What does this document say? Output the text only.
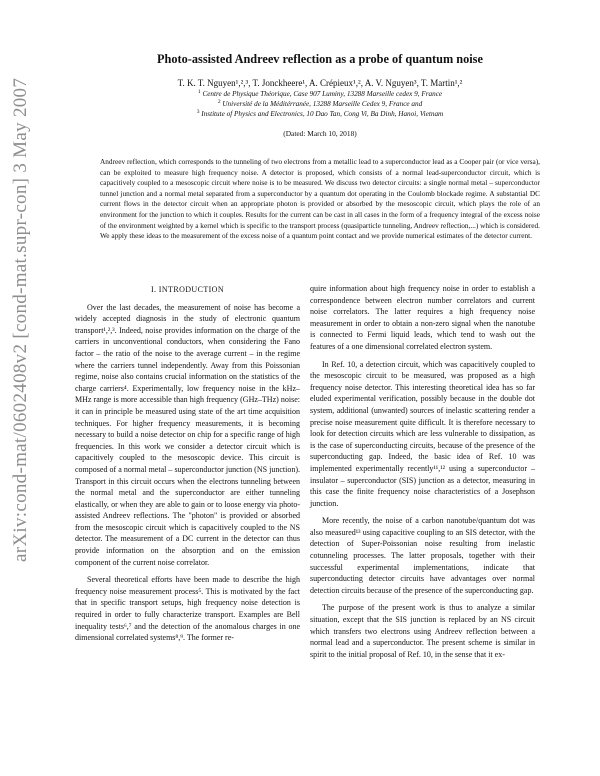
arXiv:cond-mat/0602408v2 [cond-mat.supr-con] 3 May 2007
Photo-assisted Andreev reflection as a probe of quantum noise
T. K. T. Nguyen¹,²,³, T. Jonckheere¹, A. Crépieux¹,², A. V. Nguyen³, T. Martin¹,²
$^1$ Centre de Physique Théorique, Case 907 Luminy, 13288 Marseille cedex 9, France
$^2$ Université de la Méditérranée, 13288 Marseille Cedex 9, France and
$^3$ Institute of Physics and Electronics, 10 Dao Tan, Cong Vi, Ba Dinh, Hanoi, Vietnam
(Dated: March 10, 2018)
Andreev reflection, which corresponds to the tunneling of two electrons from a metallic lead to a superconductor lead as a Cooper pair (or vice versa), can be exploited to measure high frequency noise. A detector is proposed, which consists of a normal lead-superconductor circuit, which is capacitively coupled to a mesoscopic circuit where noise is to be measured. We discuss two detector circuits: a single normal metal – superconductor tunnel junction and a normal metal separated from a superconductor by a quantum dot operating in the Coulomb blockade regime. A substantial DC current flows in the detector circuit when an appropriate photon is provided or absorbed by the mesoscopic circuit, which plays the role of an environment for the junction to which it couples. Results for the current can be cast in all cases in the form of a frequency integral of the excess noise of the environment weighted by a kernel which is specific to the transport process (quasiparticle tunneling, Andreev reflection,...) which is considered. We apply these ideas to the measurement of the excess noise of a quantum point contact and we provide numerical estimates of the detector current.

I. INTRODUCTION

Over the last decades, the measurement of noise has become a widely accepted diagnosis in the study of electronic quantum transport¹,²,³. Indeed, noise provides information on the charge of the carriers in unconventional conductors, when considering the Fano factor – the ratio of the noise to the average current – in the regime where the carriers tunnel independently. Away from this Poissonian regime, noise also contains crucial information on the statistics of the charge carriers⁴. Experimentally, low frequency noise in the kHz–MHz range is more accessible than high frequency (GHz–THz) noise: it can in principle be measured using state of the art time acquisition techniques. For higher frequency measurements, it is becoming necessary to build a noise detector on chip for a specific range of high frequencies. In this work we consider a detector circuit which is capacitively coupled to the mesoscopic device. This circuit is composed of a normal metal – superconductor junction (NS junction). Transport in this circuit occurs when the electrons tunneling between the normal metal and the superconductor are either tunneling elastically, or when they are able to gain or to loose energy via photo-assisted Andreev reflections. The "photon" is provided or absorbed from the mesoscopic circuit which is capacitively coupled to the NS detector. The measurement of a DC current in the detector can thus provide information on the absorption and on the emission component of the current noise correlator.

Several theoretical efforts have been made to describe the high frequency noise measurement process⁵. This is motivated by the fact that in specific transport setups, high frequency noise detection is required in order to fully characterize transport. Examples are Bell inequality tests⁶,⁷ and the detection of the anomalous charges in one dimensional correlated systems⁸,⁹. The former re-

quire information about high frequency noise in order to establish a correspondence between electron number correlators and current noise correlators. The latter requires a high frequency noise measurement in order to obtain a non-zero signal when the nanotube is connected to Fermi liquid leads, which tend to wash out the features of a one dimensional correlated electron system.

In Ref. 10, a detection circuit, which was capacitively coupled to the mesoscopic circuit to be measured, was proposed as a high frequency noise detector. This interesting theoretical idea has so far eluded experimental verification, possibly because in the double dot system, additional (unwanted) sources of inelastic scattering render a precise noise measurement quite difficult. It is therefore necessary to look for detection circuits which are less vulnerable to dissipation, as is the case of superconducting circuits, because of the presence of the superconducting gap. Indeed, the basic idea of Ref. 10 was implemented experimentally recently¹¹,¹² using a superconductor – insulator – superconductor (SIS) junction as a detector, measuring in this case the finite frequency noise characteristics of a Josephson junction.

More recently, the noise of a carbon nanotube/quantum dot was also measured¹³ using capacitive coupling to an SIS detector, with the detection of Super-Poissonian noise resulting from inelastic cotunneling processes. The latter proposals, together with their successful experimental implementations, indicate that superconducting detector circuits have advantages over normal detection circuits because of the presence of the superconducting gap.

The purpose of the present work is thus to analyze a similar situation, except that the SIS junction is replaced by an NS circuit which transfers two electrons using Andreev reflection between a normal lead and a superconductor. The present scheme is similar in spirit to the initial proposal of Ref. 10, in the sense that it ex-
